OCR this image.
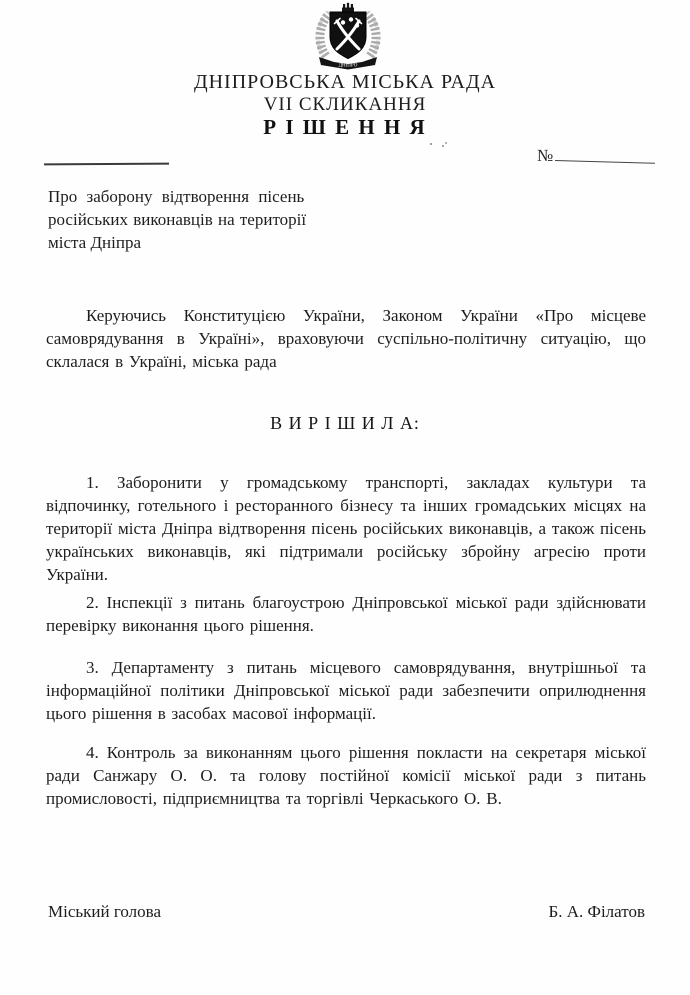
ДНІПРО
ДНІПРОВСЬКА МІСЬКА РАДА
VII СКЛИКАННЯ
Р І Ш Е Н Н Я
№
Про заборону відтворення пісень
російських виконавців на території
міста Дніпра

Керуючись Конституцією України, Законом України «Про місцеве самоврядування в Україні», враховуючи суспільно-політичну ситуацію, що склалася в Україні, міська рада

В И Р І Ш И Л А:

1. Заборонити у громадському транспорті, закладах культури та відпочинку, готельного і ресторанного бізнесу та інших громадських місцях на території міста Дніпра відтворення пісень російських виконавців, а також пісень українських виконавців, які підтримали російську збройну агресію проти України.

2. Інспекції з питань благоустрою Дніпровської міської ради здійснювати перевірку виконання цього рішення.

3. Департаменту з питань місцевого самоврядування, внутрішньої та інформаційної політики Дніпровської міської ради забезпечити оприлюднення цього рішення в засобах масової інформації.

4. Контроль за виконанням цього рішення покласти на секретаря міської ради Санжару О. О. та голову постійної комісії міської ради з питань промисловості, підприємництва та торгівлі Черкаського О. В.

Міський голова	Б. А. Філатов
